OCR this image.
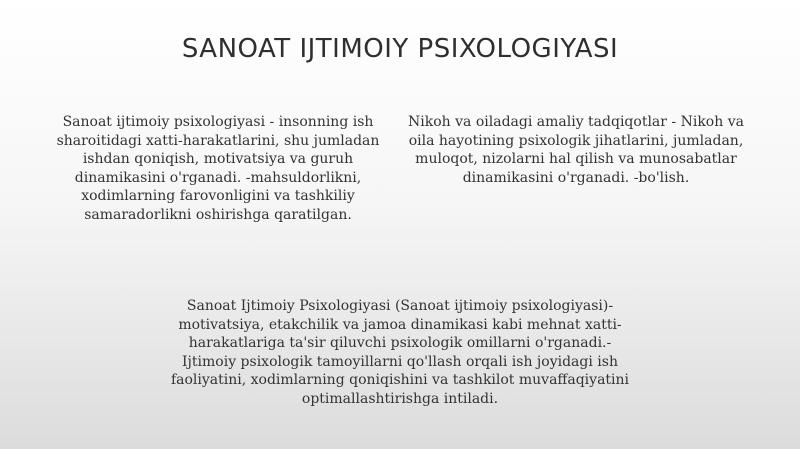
SANOAT IJTIMOIY PSIXOLOGIYASI
Sanoat ijtimoiy psixologiyasi - insonning ish sharoitidagi xatti-harakatlarini, shu jumladan ishdan qoniqish, motivatsiya va guruh dinamikasini o'rganadi. -mahsuldorlikni, xodimlarning farovonligini va tashkiliy samaradorlikni oshirishga qaratilgan.
Nikoh va oiladagi amaliy tadqiqotlar - Nikoh va oila hayotining psixologik jihatlarini, jumladan, muloqot, nizolarni hal qilish va munosabatlar dinamikasini o'rganadi. -bo'lish.
Sanoat Ijtimoiy Psixologiyasi (Sanoat ijtimoiy psixologiyasi)- motivatsiya, etakchilik va jamoa dinamikasi kabi mehnat xatti-harakatlariga ta'sir qiluvchi psixologik omillarni o'rganadi.- Ijtimoiy psixologik tamoyillarni qo'llash orqali ish joyidagi ish faoliyatini, xodimlarning qoniqishini va tashkilot muvaffaqiyatini optimallashtirishga intiladi.
